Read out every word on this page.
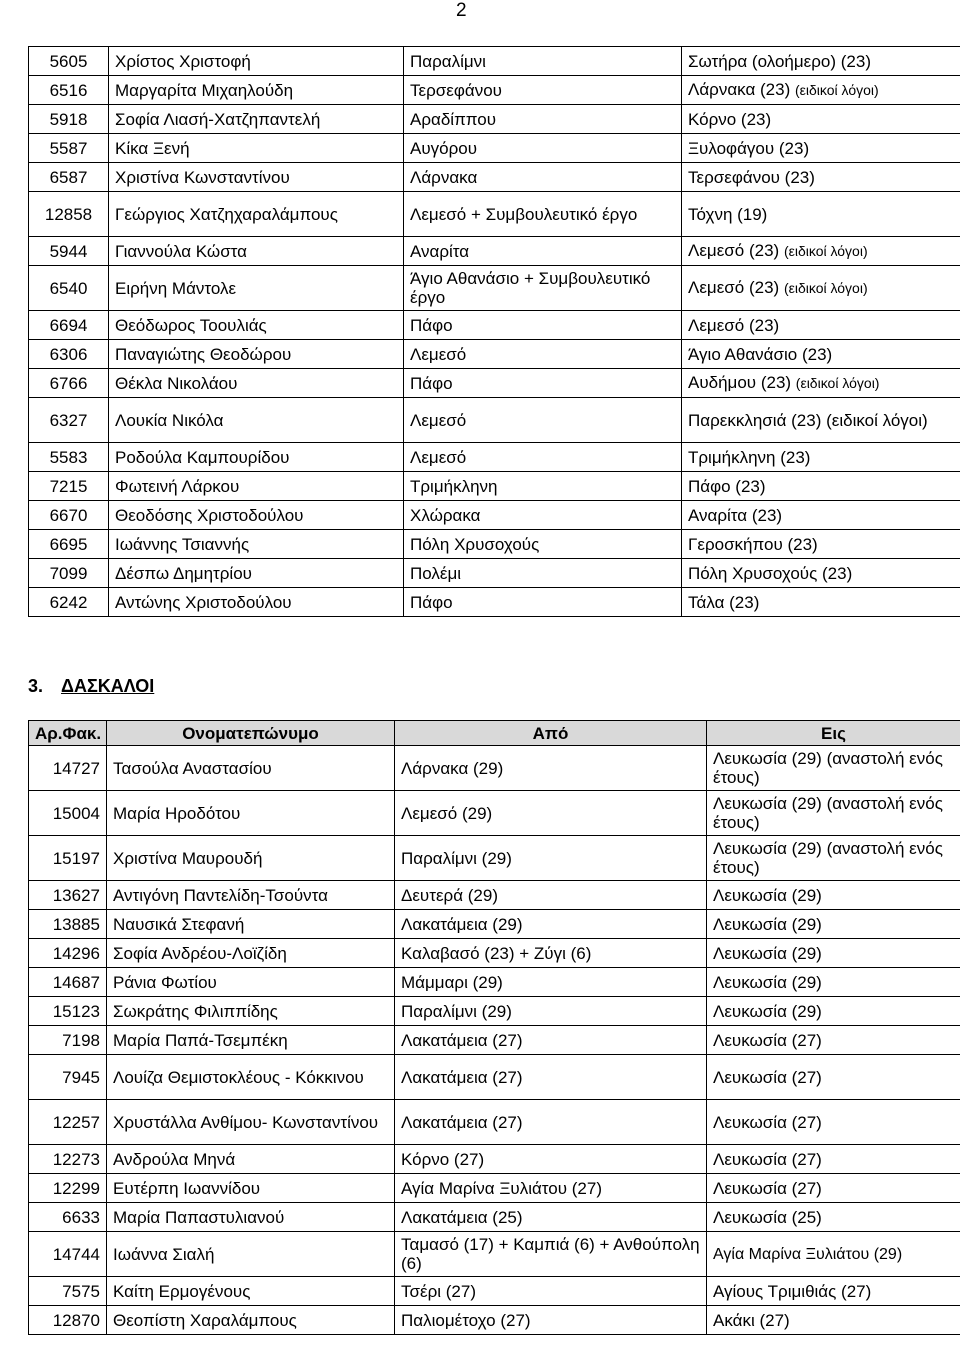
2
5605	Χρίστος Χριστοφή	Παραλίμνι	Σωτήρα (ολοήμερο) (23)
6516	Μαργαρίτα Μιχαηλούδη	Τερσεφάνου	Λάρνακα (23) (ειδικοί λόγοι)
5918	Σοφία Λιασή-Χατζηπαντελή	Αραδίππου	Κόρνο (23)
5587	Κίκα Ξενή	Αυγόρου	Ξυλοφάγου (23)
6587	Χριστίνα Κωνσταντίνου	Λάρνακα	Τερσεφάνου (23)
12858	Γεώργιος Χατζηχαραλάμπους	Λεμεσό + Συμβουλευτικό έργο	Τόχνη (19)
5944	Γιαννούλα Κώστα	Αναρίτα	Λεμεσό (23) (ειδικοί λόγοι)
6540	Ειρήνη Μάντολε	Άγιο Αθανάσιο + Συμβουλευτικό έργο	Λεμεσό (23) (ειδικοί λόγοι)
6694	Θεόδωρος Τοουλιάς	Πάφο	Λεμεσό (23)
6306	Παναγιώτης Θεοδώρου	Λεμεσό	Άγιο Αθανάσιο (23)
6766	Θέκλα Νικολάου	Πάφο	Αυδήμου (23) (ειδικοί λόγοι)
6327	Λουκία Νικόλα	Λεμεσό	Παρεκκλησιά (23) (ειδικοί λόγοι)
5583	Ροδούλα Καμπουρίδου	Λεμεσό	Τριμήκληνη (23)
7215	Φωτεινή Λάρκου	Τριμήκληνη	Πάφο (23)
6670	Θεοδόσης Χριστοδούλου	Χλώρακα	Αναρίτα (23)
6695	Ιωάννης Τσιαννής	Πόλη Χρυσοχούς	Γεροσκήπου (23)
7099	Δέσπω Δημητρίου	Πολέμι	Πόλη Χρυσοχούς (23)
6242	Αντώνης Χριστοδούλου	Πάφο	Τάλα (23)
3. ΔΑΣΚΑΛΟΙ
Αρ.Φακ.	Ονοματεπώνυμο	Από	Εις
14727	Τασούλα Αναστασίου	Λάρνακα (29)	Λευκωσία (29) (αναστολή ενός έτους)
15004	Μαρία Ηροδότου	Λεμεσό (29)	Λευκωσία (29) (αναστολή ενός έτους)
15197	Χριστίνα Μαυρουδή	Παραλίμνι (29)	Λευκωσία (29) (αναστολή ενός έτους)
13627	Αντιγόνη Παντελίδη-Τσούντα	Δευτερά (29)	Λευκωσία (29)
13885	Ναυσικά Στεφανή	Λακατάμεια (29)	Λευκωσία (29)
14296	Σοφία Ανδρέου-Λοϊζίδη	Καλαβασό (23) + Ζύγι (6)	Λευκωσία (29)
14687	Ράνια Φωτίου	Μάμμαρι (29)	Λευκωσία (29)
15123	Σωκράτης Φιλιππίδης	Παραλίμνι (29)	Λευκωσία (29)
7198	Μαρία Παπά-Τσεμπέκη	Λακατάμεια (27)	Λευκωσία (27)
7945	Λουίζα Θεμιστοκλέους - Κόκκινου	Λακατάμεια (27)	Λευκωσία (27)
12257	Χρυστάλλα Ανθίμου- Κωνσταντίνου	Λακατάμεια (27)	Λευκωσία (27)
12273	Ανδρούλα Μηνά	Κόρνο (27)	Λευκωσία (27)
12299	Ευτέρπη Ιωαννίδου	Αγία Μαρίνα Ξυλιάτου (27)	Λευκωσία (27)
6633	Μαρία Παπαστυλιανού	Λακατάμεια (25)	Λευκωσία (25)
14744	Ιωάννα Σιαλή	Ταμασό (17) + Καμπιά (6) + Ανθούπολη (6)	Αγία Μαρίνα Ξυλιάτου (29)
7575	Καίτη Ερμογένους	Τσέρι (27)	Αγίους Τριμιθιάς (27)
12870	Θεοπίστη Χαραλάμπους	Παλιομέτοχο (27)	Ακάκι (27)
